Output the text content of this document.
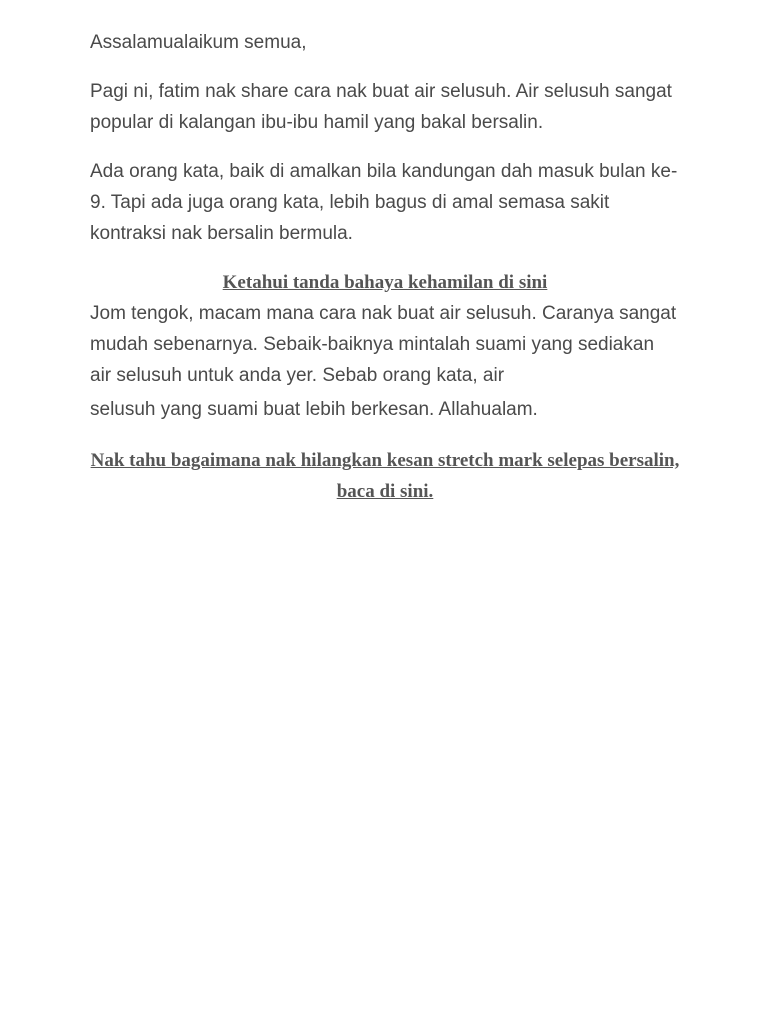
Assalamualaikum semua,

Pagi ni, fatim nak share cara nak buat air selusuh. Air selusuh sangat popular di kalangan ibu-ibu hamil yang bakal bersalin.

Ada orang kata, baik di amalkan bila kandungan dah masuk bulan ke-9. Tapi ada juga orang kata, lebih bagus di amal semasa sakit kontraksi nak bersalin bermula.

Ketahui tanda bahaya kehamilan di sini

Jom tengok, macam mana cara nak buat air selusuh. Caranya sangat mudah sebenarnya. Sebaik-baiknya mintalah suami yang sediakan air selusuh untuk anda yer. Sebab orang kata, air
selusuh yang suami buat lebih berkesan. Allahualam.

Nak tahu bagaimana nak hilangkan kesan stretch mark selepas bersalin, baca di sini.
